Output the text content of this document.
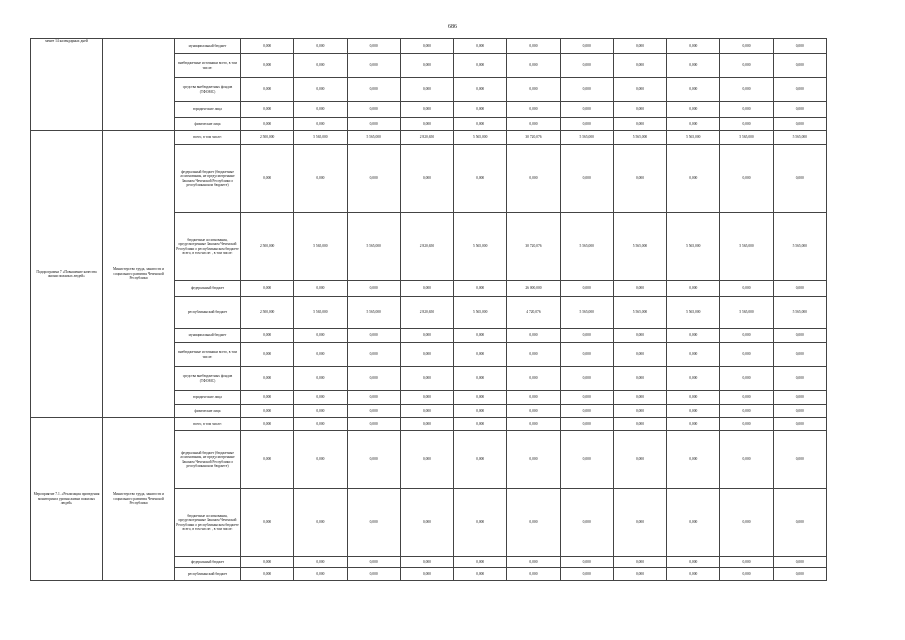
686
менее 14 календарных дней		муниципальный бюджет	0,000	0,000	0,000	0,000	0,000	0,000	0,000	0,000	0,000	0,000	0,000
		внебюджетные источники всего, в том числе:	0,000	0,000	0,000	0,000	0,000	0,000	0,000	0,000	0,000	0,000	0,000
		средства внебюджетных фондов (ТФОМС)	0,000	0,000	0,000	0,000	0,000	0,000	0,000	0,000	0,000	0,000	0,000
		юридические лица	0,000	0,000	0,000	0,000	0,000	0,000	0,000	0,000	0,000	0,000	0,000
		физические лица	0,000	0,000	0,000	0,000	0,000	0,000	0,000	0,000	0,000	0,000	0,000
Подпрограмма 7 «Повышение качества жизни пожилых людей»	Министерство труда, занятости и социального развития Чеченской Республики	всего, в том числе:	2 500,000	5 565,000	5 565,000	2 820,650	5 565,000	30 720,076	5 565,000	5 565,000	5 565,000	5 565,000	5 565,000
		федеральный бюджет (бюджетные ассигнования, не предусмотренные Законом Чеченской Республики о республиканском бюджете)	0,000	0,000	0,000	0,000	0,000	0,000	0,000	0,000	0,000	0,000	0,000
		бюджетные ассигнования, предусмотренные Законом Чеченской Республики о республиканском бюджете всего, в том числе: , в том числе:	2 500,000	5 565,000	5 565,000	2 820,650	5 565,000	30 720,076	5 565,000	5 565,000	5 565,000	5 565,000	5 565,000
		федеральный бюджет	0,000	0,000	0,000	0,000	0,000	26 000,000	0,000	0,000	0,000	0,000	0,000
		республиканский бюджет	2 500,000	5 565,000	5 565,000	2 820,650	5 565,000	4 720,076	5 565,000	5 565,000	5 565,000	5 565,000	5 565,000
		муниципальный бюджет	0,000	0,000	0,000	0,000	0,000	0,000	0,000	0,000	0,000	0,000	0,000
		внебюджетные источники всего, в том числе:	0,000	0,000	0,000	0,000	0,000	0,000	0,000	0,000	0,000	0,000	0,000
		средства внебюджетных фондов (ТФОМС)	0,000	0,000	0,000	0,000	0,000	0,000	0,000	0,000	0,000	0,000	0,000
		юридические лица	0,000	0,000	0,000	0,000	0,000	0,000	0,000	0,000	0,000	0,000	0,000
		физические лица	0,000	0,000	0,000	0,000	0,000	0,000	0,000	0,000	0,000	0,000	0,000
Мероприятие 7.1. «Реализация проведения мониторинга уровня жизни пожилых людей»	Министерство труда, занятости и социального развития Чеченской Республики	всего, в том числе:	0,000	0,000	0,000	0,000	0,000	0,000	0,000	0,000	0,000	0,000	0,000
		федеральный бюджет (бюджетные ассигнования, не предусмотренные Законом Чеченской Республики о республиканском бюджете)	0,000	0,000	0,000	0,000	0,000	0,000	0,000	0,000	0,000	0,000	0,000
		бюджетные ассигнования, предусмотренные Законом Чеченской Республики о республиканском бюджете всего, в том числе: , в том числе:	0,000	0,000	0,000	0,000	0,000	0,000	0,000	0,000	0,000	0,000	0,000
		федеральный бюджет	0,000	0,000	0,000	0,000	0,000	0,000	0,000	0,000	0,000	0,000	0,000
		республиканский бюджет	0,000	0,000	0,000	0,000	0,000	0,000	0,000	0,000	0,000	0,000	0,000
